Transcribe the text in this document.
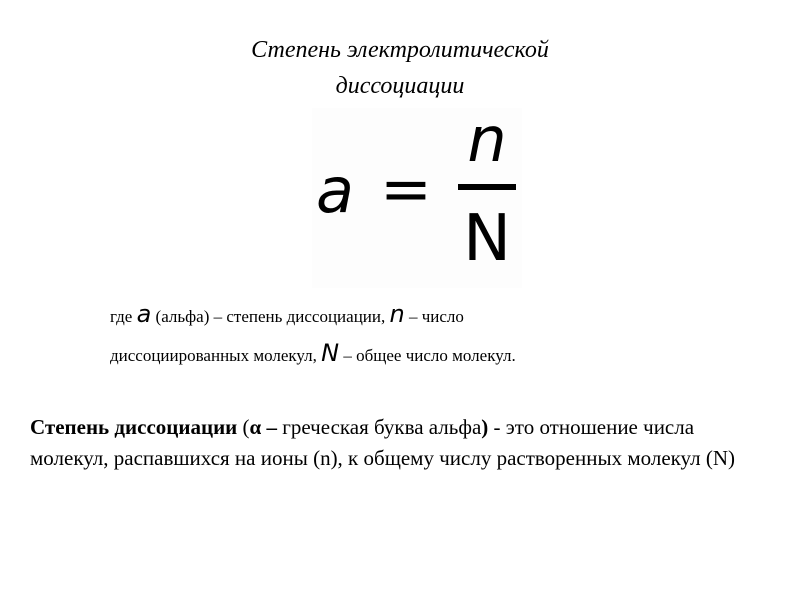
Степень электролитической
диссоциации
a =
n
N
где a (альфа) – степень диссоциации, n – число
диссоциированных молекул, N – общее число молекул.
Степень диссоциации (α – греческая буква альфа) - это отношение числа молекул, распавшихся на ионы (n), к общему числу растворенных молекул (N)
